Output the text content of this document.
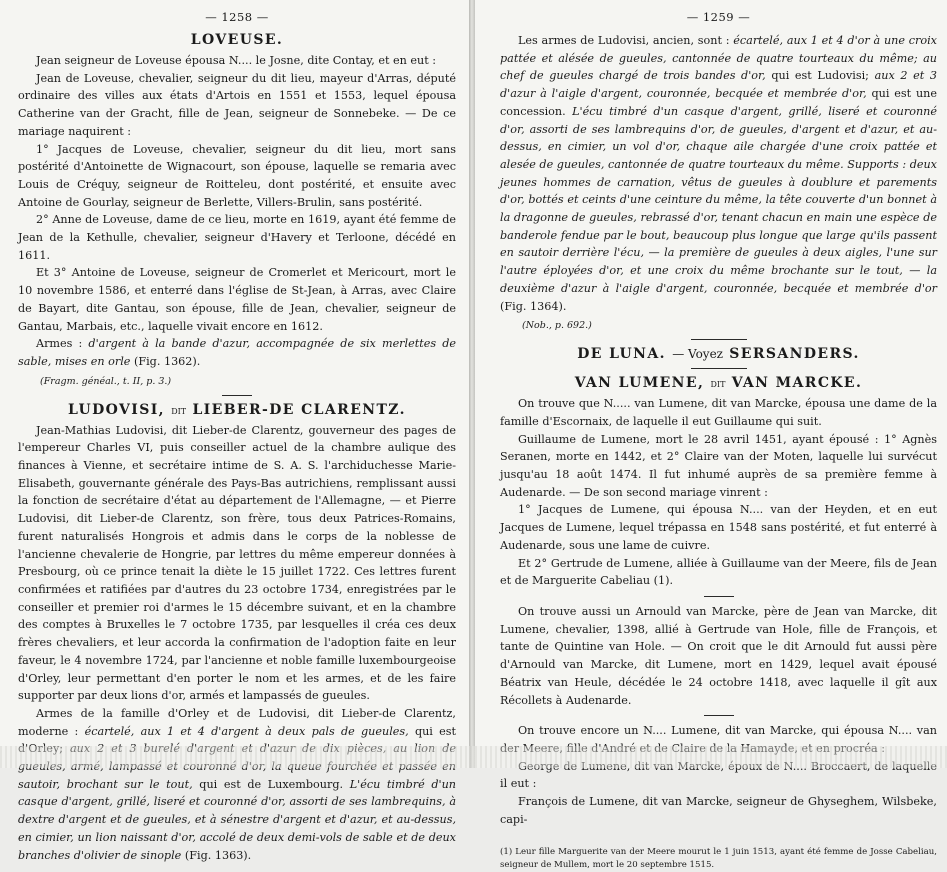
— 1258 —
LOVEUSE.

Jean seigneur de Loveuse épousa N.... le Josne, dite Contay, et en eut :

Jean de Loveuse, chevalier, seigneur du dit lieu, mayeur d'Arras, député ordinaire des villes aux états d'Artois en 1551 et 1553, lequel épousa Catherine van der Gracht, fille de Jean, seigneur de Sonnebeke. — De ce mariage naquirent :

1° Jacques de Loveuse, chevalier, seigneur du dit lieu, mort sans postérité d'Antoinette de Wignacourt, son épouse, laquelle se remaria avec Louis de Créquy, seigneur de Roitteleu, dont postérité, et ensuite avec Antoine de Gourlay, seigneur de Berlette, Villers-Brulin, sans postérité.

2° Anne de Loveuse, dame de ce lieu, morte en 1619, ayant été femme de Jean de la Kethulle, chevalier, seigneur d'Havery et Terloone, décédé en 1611.

Et 3° Antoine de Loveuse, seigneur de Cromerlet et Mericourt, mort le 10 novembre 1586, et enterré dans l'église de St-Jean, à Arras, avec Claire de Bayart, dite Gantau, son épouse, fille de Jean, chevalier, seigneur de Gantau, Marbais, etc., laquelle vivait encore en 1612.

Armes : d'argent à la bande d'azur, accompagnée de six merlettes de sable, mises en orle (Fig. 1362).

(Fragm. généal., t. II, p. 3.)
LUDOVISI, dit LIEBER-DE CLARENTZ.

Jean-Mathias Ludovisi, dit Lieber-de Clarentz, gouverneur des pages de l'empereur Charles VI, puis conseiller actuel de la chambre aulique des finances à Vienne, et secrétaire intime de S. A. S. l'archiduchesse Marie-Elisabeth, gouvernante générale des Pays-Bas autrichiens, remplissant aussi la fonction de secrétaire d'état au département de l'Allemagne, — et Pierre Ludovisi, dit Lieber-de Clarentz, son frère, tous deux Patrices-Romains, furent naturalisés Hongrois et admis dans le corps de la noblesse de l'ancienne chevalerie de Hongrie, par lettres du même empereur données à Presbourg, où ce prince tenait la diète le 15 juillet 1722. Ces lettres furent confirmées et ratifiées par d'autres du 23 octobre 1734, enregistrées par le conseiller et premier roi d'armes le 15 décembre suivant, et en la chambre des comptes à Bruxelles le 7 octobre 1735, par lesquelles il créa ces deux frères chevaliers, et leur accorda la confirmation de l'adoption faite en leur faveur, le 4 novembre 1724, par l'ancienne et noble famille luxembourgeoise d'Orley, leur permettant d'en porter le nom et les armes, et de les faire supporter par deux lions d'or, armés et lampassés de gueules.

Armes de la famille d'Orley et de Ludovisi, dit Lieber-de Clarentz, moderne : écartelé, aux 1 et 4 d'argent à deux pals de gueules, qui est d'Orley; aux 2 et 3 burelé d'argent et d'azur de dix pièces, au lion de gueules, armé, lampassé et couronné d'or, la queue fourchée et passée en sautoir, brochant sur le tout, qui est de Luxembourg. L'écu timbré d'un casque d'argent, grillé, liseré et couronné d'or, assorti de ses lambrequins, à dextre d'argent et de gueules, et à sénestre d'argent et d'azur, et au-dessus, en cimier, un lion naissant d'or, accolé de deux demi-vols de sable et de deux branches d'olivier de sinople (Fig. 1363).

— 1259 —

Les armes de Ludovisi, ancien, sont : écartelé, aux 1 et 4 d'or à une croix pattée et alésée de gueules, cantonnée de quatre tourteaux du même; au chef de gueules chargé de trois bandes d'or, qui est Ludovisi; aux 2 et 3 d'azur à l'aigle d'argent, couronnée, becquée et membrée d'or, qui est une concession. L'écu timbré d'un casque d'argent, grillé, liseré et couronné d'or, assorti de ses lambrequins d'or, de gueules, d'argent et d'azur, et au-dessus, en cimier, un vol d'or, chaque aile chargée d'une croix pattée et alesée de gueules, cantonnée de quatre tourteaux du même. Supports : deux jeunes hommes de carnation, vêtus de gueules à doublure et parements d'or, bottés et ceints d'une ceinture du même, la tête couverte d'un bonnet à la dragonne de gueules, rebrassé d'or, tenant chacun en main une espèce de banderole fendue par le bout, beaucoup plus longue que large qu'ils passent en sautoir derrière l'écu, — la première de gueules à deux aigles, l'une sur l'autre éployées d'or, et une croix du même brochante sur le tout, — la deuxième d'azur à l'aigle d'argent, couronnée, becquée et membrée d'or (Fig. 1364).

(Nob., p. 692.)
DE LUNA. — Voyez SERSANDERS.
VAN LUMENE, dit VAN MARCKE.

On trouve que N..... van Lumene, dit van Marcke, épousa une dame de la famille d'Escornaix, de laquelle il eut Guillaume qui suit.

Guillaume de Lumene, mort le 28 avril 1451, ayant épousé : 1° Agnès Seranen, morte en 1442, et 2° Claire van der Moten, laquelle lui survécut jusqu'au 18 août 1474. Il fut inhumé auprès de sa première femme à Audenarde. — De son second mariage vinrent :

1° Jacques de Lumene, qui épousa N.... van der Heyden, et en eut Jacques de Lumene, lequel trépassa en 1548 sans postérité, et fut enterré à Audenarde, sous une lame de cuivre.

Et 2° Gertrude de Lumene, alliée à Guillaume van der Meere, fils de Jean et de Marguerite Cabeliau (1).

On trouve aussi un Arnould van Marcke, père de Jean van Marcke, dit Lumene, chevalier, 1398, allié à Gertrude van Hole, fille de François, et tante de Quintine van Hole. — On croit que le dit Arnould fut aussi père d'Arnould van Marcke, dit Lumene, mort en 1429, lequel avait épousé Béatrix van Heule, décédée le 24 octobre 1418, avec laquelle il gît aux Récollets à Audenarde.

On trouve encore un N.... Lumene, dit van Marcke, qui épousa N.... van der Meere, fille d'André et de Claire de la Hamayde, et en procréa :

George de Lumene, dit van Marcke, époux de N.... Broccaert, de laquelle il eut :

François de Lumene, dit van Marcke, seigneur de Ghyseghem, Wilsbeke, capi-

(1) Leur fille Marguerite van der Meere mourut le 1 juin 1513, ayant été femme de Josse Cabeliau, seigneur de Mullem, mort le 20 septembre 1515.
